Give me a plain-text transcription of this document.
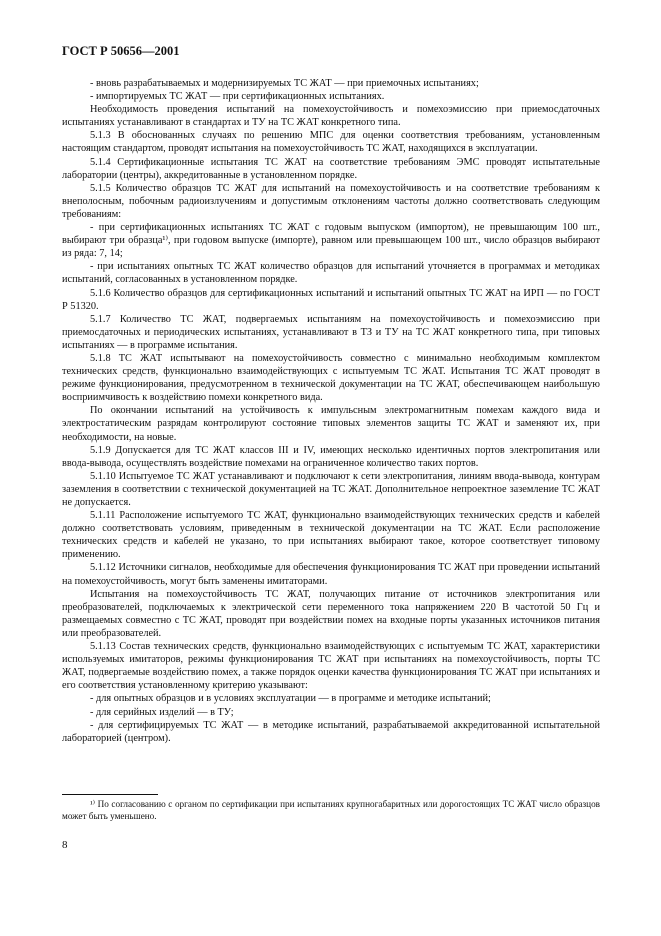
ГОСТ Р 50656—2001

- вновь разрабатываемых и модернизируемых ТС ЖАТ — при приемочных испытаниях;

- импортируемых ТС ЖАТ — при сертификационных испытаниях.

Необходимость проведения испытаний на помехоустойчивость и помехоэмиссию при приемосдаточных испытаниях устанавливают в стандартах и ТУ на ТС ЖАТ конкретного типа.

5.1.3 В обоснованных случаях по решению МПС для оценки соответствия требованиям, установленным настоящим стандартом, проводят испытания на помехоустойчивость ТС ЖАТ, находящихся в эксплуатации.

5.1.4 Сертификационные испытания ТС ЖАТ на соответствие требованиям ЭМС проводят испытательные лаборатории (центры), аккредитованные в установленном порядке.

5.1.5 Количество образцов ТС ЖАТ для испытаний на помехоустойчивость и на соответствие требованиям к внеполосным, побочным радиоизлучениям и допустимым отклонениям частоты должно соответствовать следующим требованиям:

- при сертификационных испытаниях ТС ЖАТ с годовым выпуском (импортом), не превышающим 100 шт., выбирают три образца¹⁾, при годовом выпуске (импорте), равном или превышающем 100 шт., число образцов выбирают из ряда: 7, 14;

- при испытаниях опытных ТС ЖАТ количество образцов для испытаний уточняется в программах и методиках испытаний, согласованных в установленном порядке.

5.1.6 Количество образцов для сертификационных испытаний и испытаний опытных ТС ЖАТ на ИРП — по ГОСТ Р 51320.

5.1.7 Количество ТС ЖАТ, подвергаемых испытаниям на помехоустойчивость и помехоэмиссию при приемосдаточных и периодических испытаниях, устанавливают в ТЗ и ТУ на ТС ЖАТ конкретного типа, при типовых испытаниях — в программе испытания.

5.1.8 ТС ЖАТ испытывают на помехоустойчивость совместно с минимально необходимым комплектом технических средств, функционально взаимодействующих с испытуемым ТС ЖАТ. Испытания ТС ЖАТ проводят в режиме функционирования, предусмотренном в технической документации на ТС ЖАТ, обеспечивающем наибольшую восприимчивость к воздействию помехи конкретного вида.

По окончании испытаний на устойчивость к импульсным электромагнитным помехам каждого вида и электростатическим разрядам контролируют состояние типовых элементов защиты ТС ЖАТ и заменяют их, при необходимости, на новые.

5.1.9 Допускается для ТС ЖАТ классов III и IV, имеющих несколько идентичных портов электропитания или ввода-вывода, осуществлять воздействие помехами на ограниченное количество таких портов.

5.1.10 Испытуемое ТС ЖАТ устанавливают и подключают к сети электропитания, линиям ввода-вывода, контурам заземления в соответствии с технической документацией на ТС ЖАТ. Дополнительное непроектное заземление ТС ЖАТ не допускается.

5.1.11 Расположение испытуемого ТС ЖАТ, функционально взаимодействующих технических средств и кабелей должно соответствовать условиям, приведенным в технической документации на ТС ЖАТ. Если расположение технических средств и кабелей не указано, то при испытаниях выбирают такое, которое соответствует типовому применению.

5.1.12 Источники сигналов, необходимые для обеспечения функционирования ТС ЖАТ при проведении испытаний на помехоустойчивость, могут быть заменены имитаторами.

Испытания на помехоустойчивость ТС ЖАТ, получающих питание от источников электропитания или преобразователей, подключаемых к электрической сети переменного тока напряжением 220 В частотой 50 Гц и размещаемых совместно с ТС ЖАТ, проводят при воздействии помех на входные порты указанных источников питания или преобразователей.

5.1.13 Состав технических средств, функционально взаимодействующих с испытуемым ТС ЖАТ, характеристики используемых имитаторов, режимы функционирования ТС ЖАТ при испытаниях на помехоустойчивость, порты ТС ЖАТ, подвергаемые воздействию помех, а также порядок оценки качества функционирования ТС ЖАТ при испытаниях и его соответствия установленному критерию указывают:

- для опытных образцов и в условиях эксплуатации — в программе и методике испытаний;

- для серийных изделий — в ТУ;

- для сертифицируемых ТС ЖАТ — в методике испытаний, разрабатываемой аккредитованной испытательной лабораторией (центром).

¹⁾ По согласованию с органом по сертификации при испытаниях крупногабаритных или дорогостоящих ТС ЖАТ число образцов может быть уменьшено.
8
